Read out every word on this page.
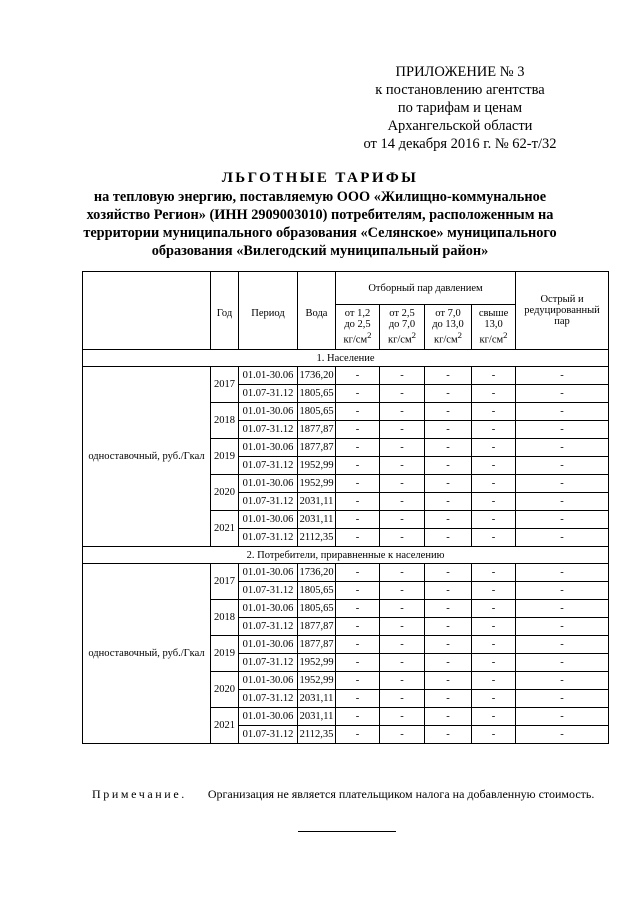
ПРИЛОЖЕНИЕ № 3
к постановлению агентства
по тарифам и ценам
Архангельской области
от 14 декабря 2016 г. № 62-т/32
ЛЬГОТНЫЕ ТАРИФЫ
на тепловую энергию, поставляемую ООО «Жилищно-коммунальное
хозяйство Регион» (ИНН 2909003010) потребителям, расположенным на
территории муниципального образования «Селянское» муниципального
образования «Вилегодский муниципальный район»
	Год	Период	Вода	Отборный пар давлением				Острый и редуцированный пар
				от 1,2
до 2,5
$кг/см^2$	от 2,5
до 7,0
$кг/см^2$	от 7,0
до 13,0
$кг/см^2$	свыше
13,0
$кг/см^2$
1. Население								
одноставочный, руб./Гкал	2017	01.01-30.06	1736,20	-	-	-	-	-
		01.07-31.12	1805,65	-	-	-	-	-
	2018	01.01-30.06	1805,65	-	-	-	-	-
		01.07-31.12	1877,87	-	-	-	-	-
	2019	01.01-30.06	1877,87	-	-	-	-	-
		01.07-31.12	1952,99	-	-	-	-	-
	2020	01.01-30.06	1952,99	-	-	-	-	-
		01.07-31.12	2031,11	-	-	-	-	-
	2021	01.01-30.06	2031,11	-	-	-	-	-
		01.07-31.12	2112,35	-	-	-	-	-
2. Потребители, приравненные к населению								
одноставочный, руб./Гкал	2017	01.01-30.06	1736,20	-	-	-	-	-
		01.07-31.12	1805,65	-	-	-	-	-
	2018	01.01-30.06	1805,65	-	-	-	-	-
		01.07-31.12	1877,87	-	-	-	-	-
	2019	01.01-30.06	1877,87	-	-	-	-	-
		01.07-31.12	1952,99	-	-	-	-	-
	2020	01.01-30.06	1952,99	-	-	-	-	-
		01.07-31.12	2031,11	-	-	-	-	-
	2021	01.01-30.06	2031,11	-	-	-	-	-
		01.07-31.12	2112,35	-	-	-	-	-
Примечание. Организация не является плательщиком налога на добавленную стоимость.
